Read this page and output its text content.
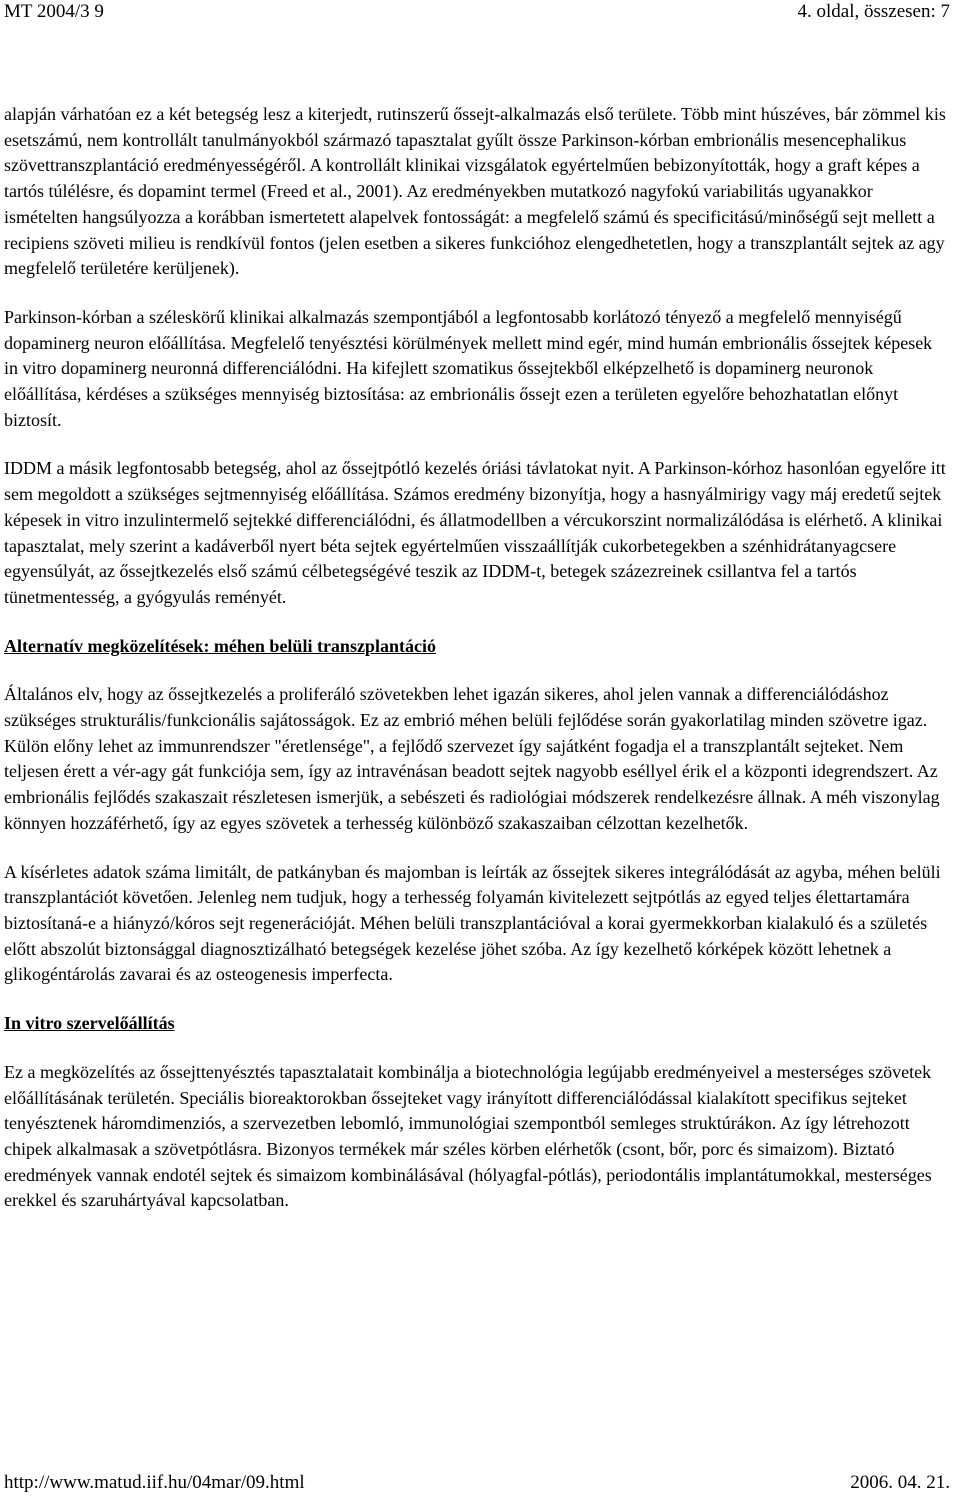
MT 2004/3 9	4. oldal, összesen: 7

alapján várhatóan ez a két betegség lesz a kiterjedt, rutinszerű őssejt-alkalmazás első területe. Több mint húszéves, bár zömmel kis esetszámú, nem kontrollált tanulmányokból származó tapasztalat gyűlt össze Parkinson-kórban embrionális mesencephalikus szövettranszplantáció eredményességéről. A kontrollált klinikai vizsgálatok egyértelműen bebizonyították, hogy a graft képes a tartós túlélésre, és dopamint termel (Freed et al., 2001). Az eredményekben mutatkozó nagyfokú variabilitás ugyanakkor ismételten hangsúlyozza a korábban ismertetett alapelvek fontosságát: a megfelelő számú és specificitású/minőségű sejt mellett a recipiens szöveti milieu is rendkívül fontos (jelen esetben a sikeres funkcióhoz elengedhetetlen, hogy a transzplantált sejtek az agy megfelelő területére kerüljenek).

Parkinson-kórban a széleskörű klinikai alkalmazás szempontjából a legfontosabb korlátozó tényező a megfelelő mennyiségű dopaminerg neuron előállítása. Megfelelő tenyésztési körülmények mellett mind egér, mind humán embrionális őssejtek képesek in vitro dopaminerg neuronná differenciálódni. Ha kifejlett szomatikus őssejtekből elképzelhető is dopaminerg neuronok előállítása, kérdéses a szükséges mennyiség biztosítása: az embrionális őssejt ezen a területen egyelőre behozhatatlan előnyt biztosít.

IDDM a másik legfontosabb betegség, ahol az őssejtpótló kezelés óriási távlatokat nyit. A Parkinson-kórhoz hasonlóan egyelőre itt sem megoldott a szükséges sejtmennyiség előállítása. Számos eredmény bizonyítja, hogy a hasnyálmirigy vagy máj eredetű sejtek képesek in vitro inzulintermelő sejtekké differenciálódni, és állatmodellben a vércukorszint normalizálódása is elérhető. A klinikai tapasztalat, mely szerint a kadáverből nyert béta sejtek egyértelműen visszaállítják cukorbetegekben a szénhidrátanyagcsere egyensúlyát, az őssejtkezelés első számú célbetegségévé teszik az IDDM-t, betegek százezreinek csillantva fel a tartós tünetmentesség, a gyógyulás reményét.

Alternatív megközelítések: méhen belüli transzplantáció

Általános elv, hogy az őssejtkezelés a proliferáló szövetekben lehet igazán sikeres, ahol jelen vannak a differenciálódáshoz szükséges strukturális/funkcionális sajátosságok. Ez az embrió méhen belüli fejlődése során gyakorlatilag minden szövetre igaz. Külön előny lehet az immunrendszer "éretlensége", a fejlődő szervezet így sajátként fogadja el a transzplantált sejteket. Nem teljesen érett a vér-agy gát funkciója sem, így az intravénásan beadott sejtek nagyobb eséllyel érik el a központi idegrendszert. Az embrionális fejlődés szakaszait részletesen ismerjük, a sebészeti és radiológiai módszerek rendelkezésre állnak. A méh viszonylag könnyen hozzáférhető, így az egyes szövetek a terhesség különböző szakaszaiban célzottan kezelhetők.

A kísérletes adatok száma limitált, de patkányban és majomban is leírták az őssejtek sikeres integrálódását az agyba, méhen belüli transzplantációt követően. Jelenleg nem tudjuk, hogy a terhesség folyamán kivitelezett sejtpótlás az egyed teljes élettartamára biztosítaná-e a hiányzó/kóros sejt regenerációját. Méhen belüli transzplantációval a korai gyermekkorban kialakuló és a születés előtt abszolút biztonsággal diagnosztizálható betegségek kezelése jöhet szóba. Az így kezelhető kórképek között lehetnek a glikogéntárolás zavarai és az osteogenesis imperfecta.

In vitro szervelőállítás

Ez a megközelítés az őssejttenyésztés tapasztalatait kombinálja a biotechnológia legújabb eredményeivel a mesterséges szövetek előállításának területén. Speciális bioreaktorokban őssejteket vagy irányított differenciálódással kialakított specifikus sejteket tenyésztenek háromdimenziós, a szervezetben lebomló, immunológiai szempontból semleges struktúrákon. Az így létrehozott chipek alkalmasak a szövetpótlásra. Bizonyos termékek már széles körben elérhetők (csont, bőr, porc és simaizom). Biztató eredmények vannak endotél sejtek és simaizom kombinálásával (hólyagfal-pótlás), periodontális implantátumokkal, mesterséges erekkel és szaruhártyával kapcsolatban.

http://www.matud.iif.hu/04mar/09.html	2006. 04. 21.
